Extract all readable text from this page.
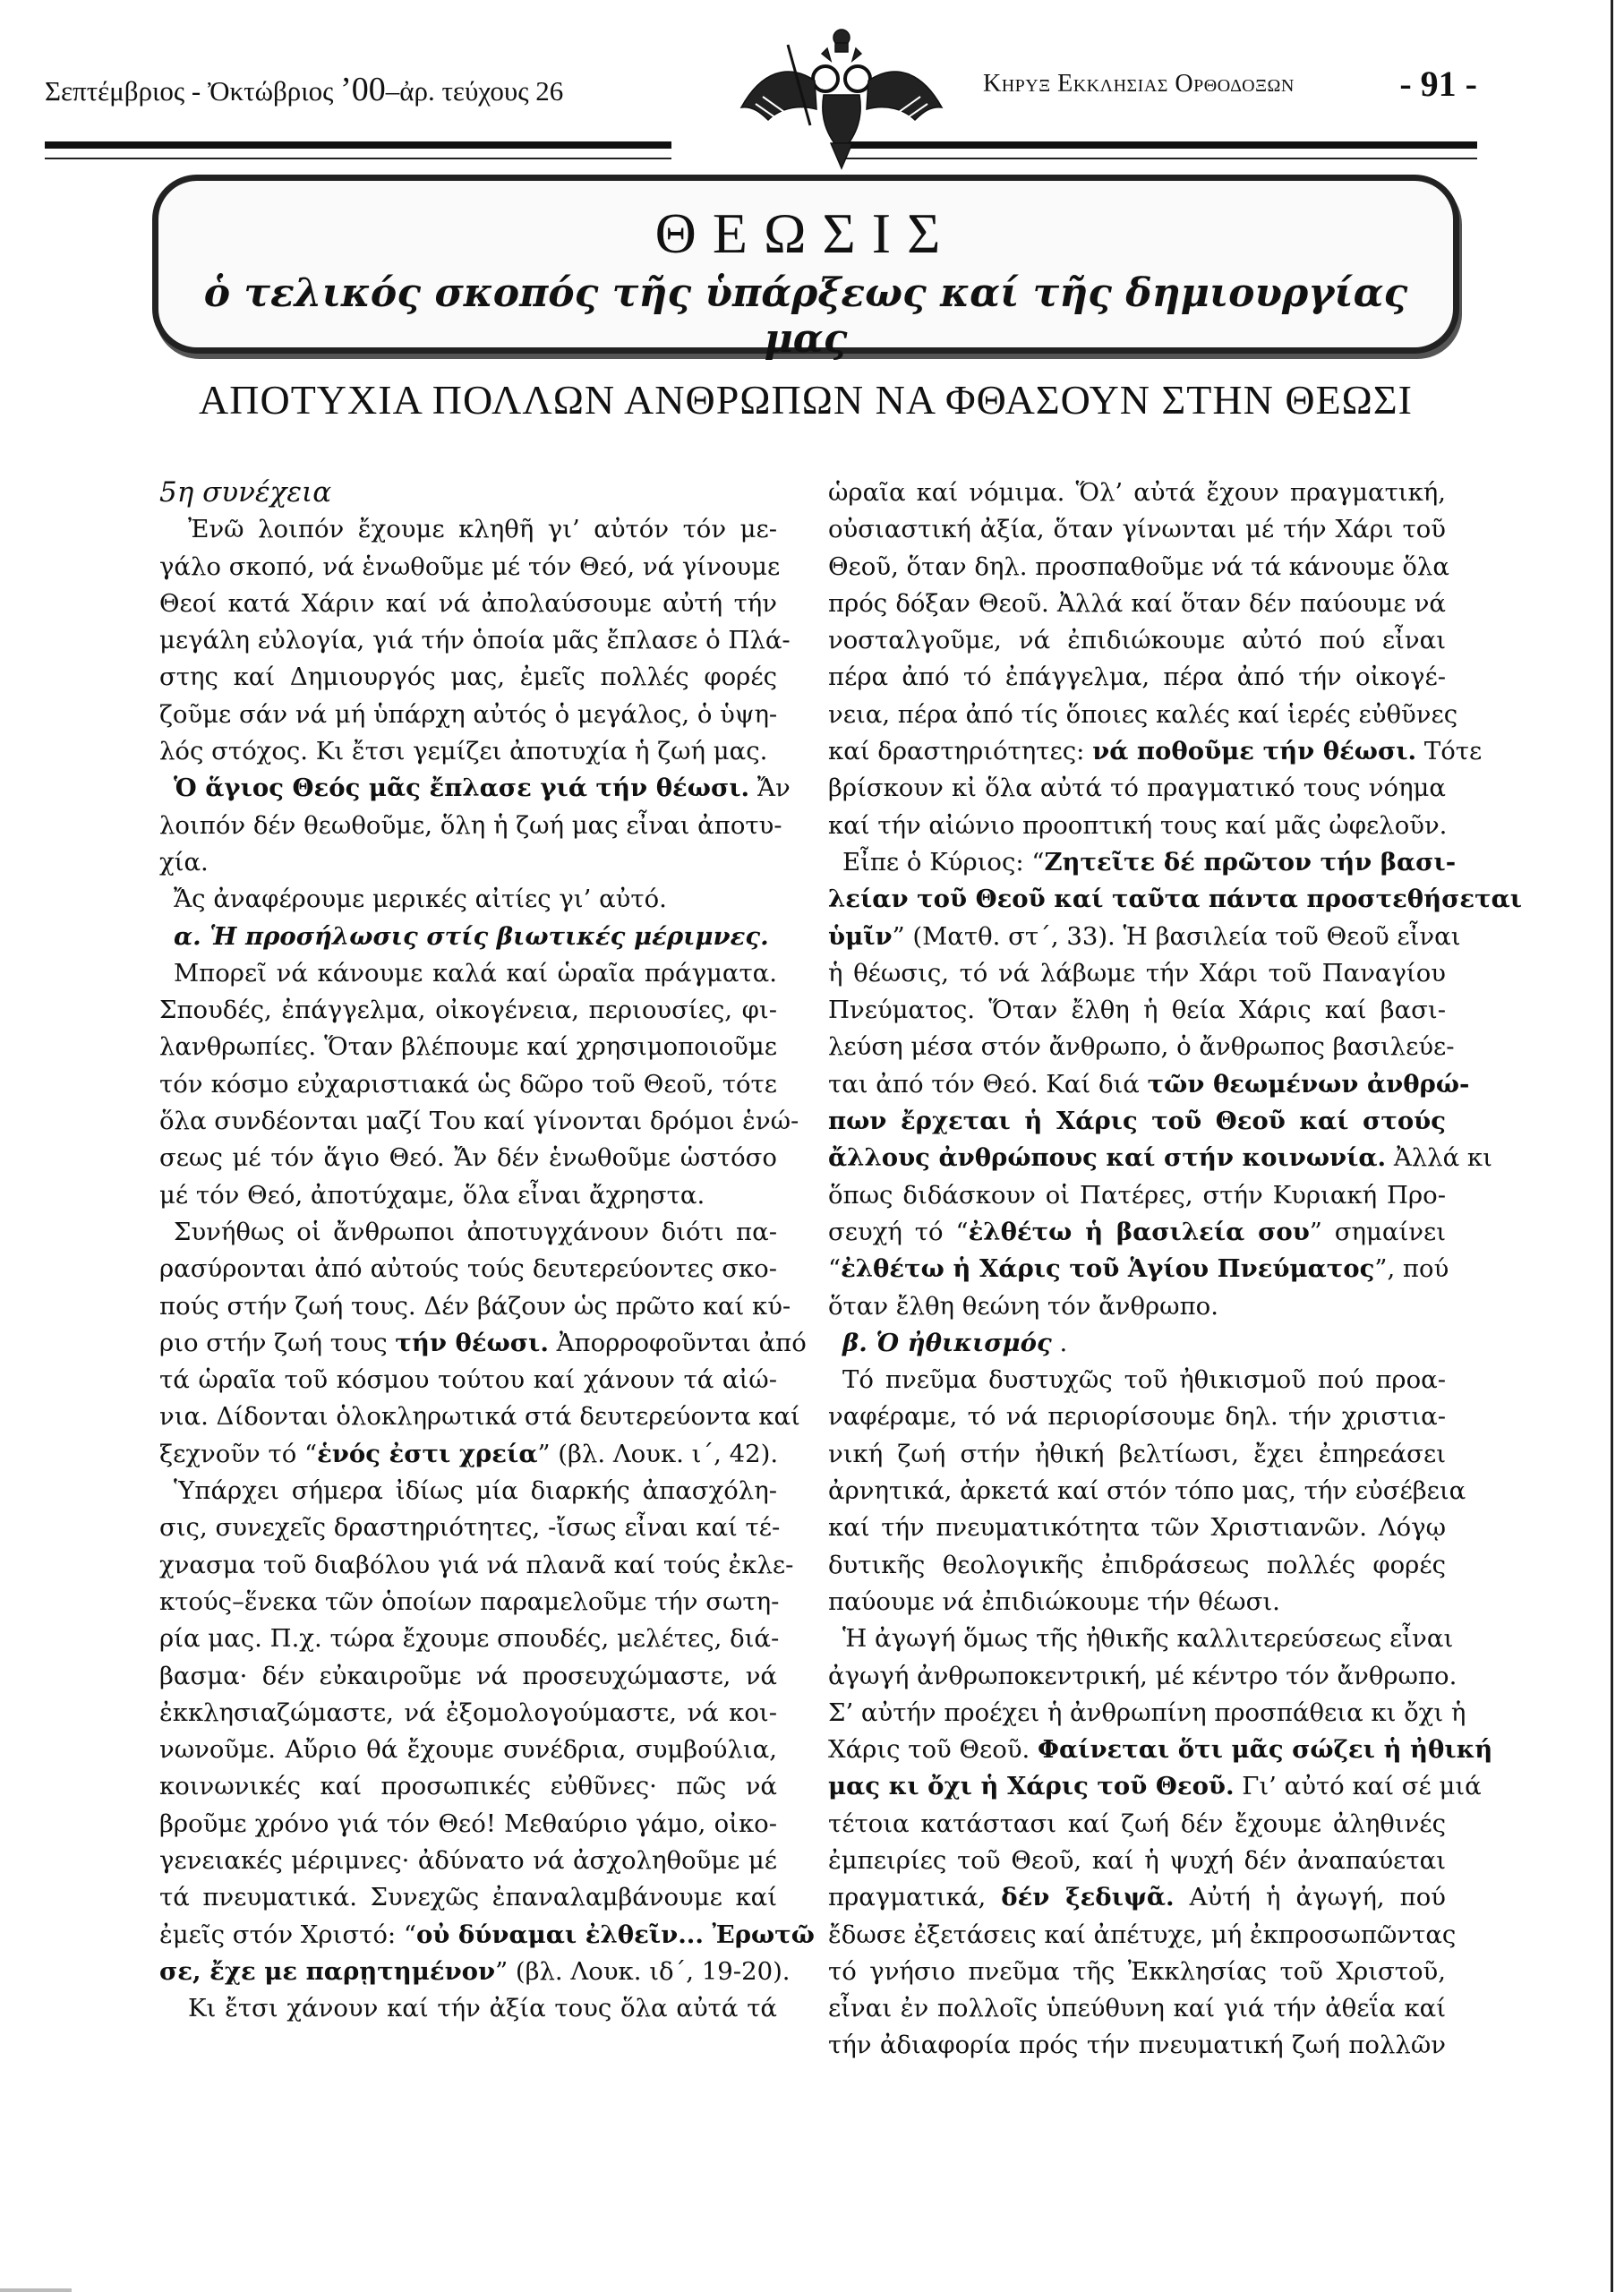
Σεπτέμβριος - Ὀκτώβριος ’00–ἀρ. τεύχους 26	Κηρυξ Εκκλησιας Ορθοδοξων	- 91 -
ΘΕΩΣΙΣ
ὁ τελικός σκοπός τῆς ὑπάρξεως καί τῆς δημιουργίας μας
ΑΠΟΤΥΧΙΑ ΠΟΛΛΩΝ ΑΝΘΡΩΠΩΝ ΝΑ ΦΘΑΣΟΥΝ ΣΤΗΝ ΘΕΩΣΙ
5η συνέχεια
Ἐνῶ λοιπόν ἔχουμε κληθῆ γι’ αὐτόν τόν με-
γάλο σκοπό, νά ἑνωθοῦμε μέ τόν Θεό, νά γίνουμε
Θεοί κατά Χάριν καί νά ἀπολαύσουμε αὐτή τήν
μεγάλη εὐλογία, γιά τήν ὁποία μᾶς ἔπλασε ὁ Πλά-
στης καί Δημιουργός μας, ἐμεῖς πολλές φορές
ζοῦμε σάν νά μή ὑπάρχη αὐτός ὁ μεγάλος, ὁ ὑψη-
λός στόχος. Κι ἔτσι γεμίζει ἀποτυχία ἡ ζωή μας.
Ὁ ἅγιος Θεός μᾶς ἔπλασε γιά τήν θέωσι. Ἄν
λοιπόν δέν θεωθοῦμε, ὅλη ἡ ζωή μας εἶναι ἀποτυ-
χία.
Ἄς ἀναφέρουμε μερικές αἰτίες γι’ αὐτό.
α. Ἡ προσήλωσις στίς βιωτικές μέριμνες.
Μπορεῖ νά κάνουμε καλά καί ὡραῖα πράγματα.
Σπουδές, ἐπάγγελμα, οἰκογένεια, περιουσίες, φι-
λανθρωπίες. Ὅταν βλέπουμε καί χρησιμοποιοῦμε
τόν κόσμο εὐχαριστιακά ὡς δῶρο τοῦ Θεοῦ, τότε
ὅλα συνδέονται μαζί Του καί γίνονται δρόμοι ἑνώ-
σεως μέ τόν ἅγιο Θεό. Ἄν δέν ἑνωθοῦμε ὡστόσο
μέ τόν Θεό, ἀποτύχαμε, ὅλα εἶναι ἄχρηστα.
Συνήθως οἱ ἄνθρωποι ἀποτυγχάνουν διότι πα-
ρασύρονται ἀπό αὐτούς τούς δευτερεύοντες σκο-
πούς στήν ζωή τους. Δέν βάζουν ὡς πρῶτο καί κύ-
ριο στήν ζωή τους τήν θέωσι. Ἀπορροφοῦνται ἀπό
τά ὡραῖα τοῦ κόσμου τούτου καί χάνουν τά αἰώ-
νια. Δίδονται ὁλοκληρωτικά στά δευτερεύοντα καί
ξεχνοῦν τό “ἑνός ἐστι χρεία” (βλ. Λουκ. ι΄, 42).
Ὑπάρχει σήμερα ἰδίως μία διαρκής ἀπασχόλη-
σις, συνεχεῖς δραστηριότητες, -ἴσως εἶναι καί τέ-
χνασμα τοῦ διαβόλου γιά νά πλανᾶ καί τούς ἐκλε-
κτούς–ἕνεκα τῶν ὁποίων παραμελοῦμε τήν σωτη-
ρία μας. Π.χ. τώρα ἔχουμε σπουδές, μελέτες, διά-
βασμα· δέν εὐκαιροῦμε νά προσευχώμαστε, νά
ἐκκλησιαζώμαστε, νά ἐξομολογούμαστε, νά κοι-
νωνοῦμε. Αὔριο θά ἔχουμε συνέδρια, συμβούλια,
κοινωνικές καί προσωπικές εὐθῦνες· πῶς νά
βροῦμε χρόνο γιά τόν Θεό! Μεθαύριο γάμο, οἰκο-
γενειακές μέριμνες· ἀδύνατο νά ἀσχοληθοῦμε μέ
τά πνευματικά. Συνεχῶς ἐπαναλαμβάνουμε καί
ἐμεῖς στόν Χριστό: “οὐ δύναμαι ἐλθεῖν... Ἐρωτῶ
σε, ἔχε με παρῃτημένον” (βλ. Λουκ. ιδ΄, 19-20).
Κι ἔτσι χάνουν καί τήν ἀξία τους ὅλα αὐτά τά
ὡραῖα καί νόμιμα. Ὅλ’ αὐτά ἔχουν πραγματική,
οὐσιαστική ἀξία, ὅταν γίνωνται μέ τήν Χάρι τοῦ
Θεοῦ, ὅταν δηλ. προσπαθοῦμε νά τά κάνουμε ὅλα
πρός δόξαν Θεοῦ. Ἀλλά καί ὅταν δέν παύουμε νά
νοσταλγοῦμε, νά ἐπιδιώκουμε αὐτό πού εἶναι
πέρα ἀπό τό ἐπάγγελμα, πέρα ἀπό τήν οἰκογέ-
νεια, πέρα ἀπό τίς ὅποιες καλές καί ἱερές εὐθῦνες
καί δραστηριότητες: νά ποθοῦμε τήν θέωσι. Τότε
βρίσκουν κἰ ὅλα αὐτά τό πραγματικό τους νόημα
καί τήν αἰώνιο προοπτική τους καί μᾶς ὠφελοῦν.
Εἶπε ὁ Κύριος: “Ζητεῖτε δέ πρῶτον τήν βασι-
λείαν τοῦ Θεοῦ καί ταῦτα πάντα προστεθήσεται
ὑμῖν” (Ματθ. στ΄, 33). Ἡ βασιλεία τοῦ Θεοῦ εἶναι
ἡ θέωσις, τό νά λάβωμε τήν Χάρι τοῦ Παναγίου
Πνεύματος. Ὅταν ἔλθη ἡ θεία Χάρις καί βασι-
λεύση μέσα στόν ἄνθρωπο, ὁ ἄνθρωπος βασιλεύε-
ται ἀπό τόν Θεό. Καί διά τῶν θεωμένων ἀνθρώ-
πων ἔρχεται ἡ Χάρις τοῦ Θεοῦ καί στούς
ἄλλους ἀνθρώπους καί στήν κοινωνία. Ἀλλά κι
ὅπως διδάσκουν οἱ Πατέρες, στήν Κυριακή Προ-
σευχή τό “ἐλθέτω ἡ βασιλεία σου” σημαίνει
“ἐλθέτω ἡ Χάρις τοῦ Ἁγίου Πνεύματος”, πού
ὅταν ἔλθη θεώνη τόν ἄνθρωπο.
β. Ὁ ἠθικισμός .
Τό πνεῦμα δυστυχῶς τοῦ ἠθικισμοῦ πού προα-
ναφέραμε, τό νά περιορίσουμε δηλ. τήν χριστια-
νική ζωή στήν ἠθική βελτίωσι, ἔχει ἐπηρεάσει
ἀρνητικά, ἀρκετά καί στόν τόπο μας, τήν εὐσέβεια
καί τήν πνευματικότητα τῶν Χριστιανῶν. Λόγῳ
δυτικῆς θεολογικῆς ἐπιδράσεως πολλές φορές
παύουμε νά ἐπιδιώκουμε τήν θέωσι.
Ἡ ἀγωγή ὅμως τῆς ἠθικῆς καλλιτερεύσεως εἶναι
ἀγωγή ἀνθρωποκεντρική, μέ κέντρο τόν ἄνθρωπο.
Σ’ αὐτήν προέχει ἡ ἀνθρωπίνη προσπάθεια κι ὄχι ἡ
Χάρις τοῦ Θεοῦ. Φαίνεται ὅτι μᾶς σώζει ἡ ἠθική
μας κι ὄχι ἡ Χάρις τοῦ Θεοῦ. Γι’ αὐτό καί σέ μιά
τέτοια κατάστασι καί ζωή δέν ἔχουμε ἀληθινές
ἐμπειρίες τοῦ Θεοῦ, καί ἡ ψυχή δέν ἀναπαύεται
πραγματικά, δέν ξεδιψᾶ. Αὐτή ἡ ἀγωγή, πού
ἔδωσε ἐξετάσεις καί ἀπέτυχε, μή ἐκπροσωπῶντας
τό γνήσιο πνεῦμα τῆς Ἐκκλησίας τοῦ Χριστοῦ,
εἶναι ἐν πολλοῖς ὑπεύθυνη καί γιά τήν ἀθεΐα καί
τήν ἀδιαφορία πρός τήν πνευματική ζωή πολλῶν
